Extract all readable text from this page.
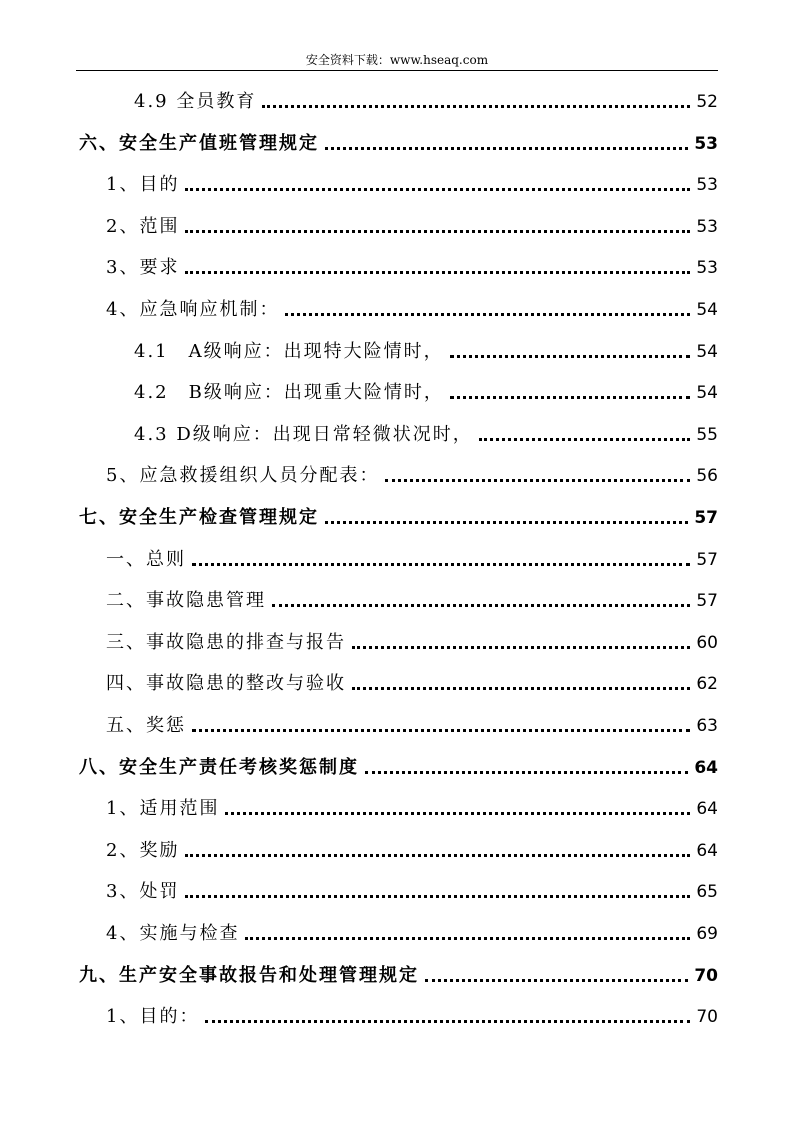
安全资料下载：www.hseaq.com
4.9 全员教育	52
六、安全生产值班管理规定	53
1、目的	53
2、范围	53
3、要求	53
4、应急响应机制：	54
4.1　A级响应：出现特大险情时，	54
4.2　B级响应：出现重大险情时，	54
4.3 D级响应：出现日常轻微状况时，	55
5、应急救援组织人员分配表：	56
七、安全生产检查管理规定	57
一、总则	57
二、事故隐患管理	57
三、事故隐患的排查与报告	60
四、事故隐患的整改与验收	62
五、奖惩	63
八、安全生产责任考核奖惩制度	64
1、适用范围	64
2、奖励	64
3、处罚	65
4、实施与检查	69
九、生产安全事故报告和处理管理规定	70
1、目的：	70
